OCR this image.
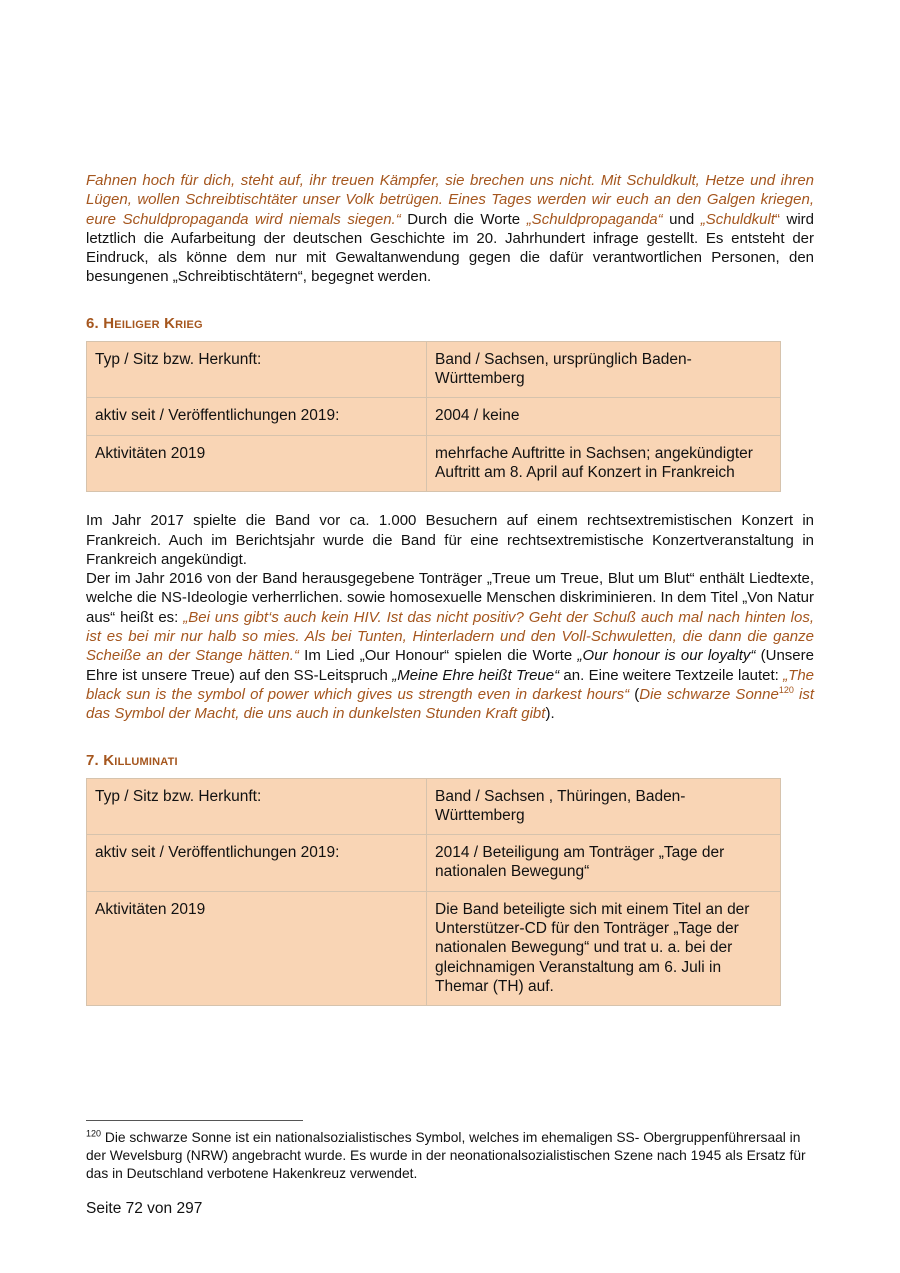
Fahnen hoch für dich, steht auf, ihr treuen Kämpfer, sie brechen uns nicht. Mit Schuldkult, Hetze und ihren Lügen, wollen Schreibtischtäter unser Volk betrügen. Eines Tages werden wir euch an den Galgen kriegen, eure Schuldpropaganda wird niemals siegen.“ Durch die Worte „Schuldpropaganda“ und „Schuldkult“ wird letztlich die Aufarbeitung der deutschen Geschichte im 20. Jahrhundert infrage gestellt. Es entsteht der Eindruck, als könne dem nur mit Gewaltanwendung gegen die dafür verantwortlichen Personen, den besungenen „Schreibtischtätern“, begegnet werden.

6. Heiliger Krieg
Typ / Sitz bzw. Herkunft:	Band / Sachsen, ursprünglich Baden-Württemberg
aktiv seit / Veröffentlichungen 2019:	2004 / keine
Aktivitäten 2019	mehrfache Auftritte in Sachsen; angekündigter Auftritt am 8. April auf Konzert in Frankreich

Im Jahr 2017 spielte die Band vor ca. 1.000 Besuchern auf einem rechtsextremistischen Konzert in Frankreich. Auch im Berichtsjahr wurde die Band für eine rechtsextremistische Konzertveranstaltung in Frankreich angekündigt.

Der im Jahr 2016 von der Band herausgegebene Tonträger „Treue um Treue, Blut um Blut“ enthält Liedtexte, welche die NS-Ideologie verherrlichen. sowie homosexuelle Menschen diskriminieren. In dem Titel „Von Natur aus“ heißt es: „Bei uns gibt‘s auch kein HIV. Ist das nicht positiv? Geht der Schuß auch mal nach hinten los, ist es bei mir nur halb so mies. Als bei Tunten, Hinterladern und den Voll-Schwuletten, die dann die ganze Scheiße an der Stange hätten.“ Im Lied „Our Honour“ spielen die Worte „Our honour is our loyalty“ (Unsere Ehre ist unsere Treue) auf den SS-Leitspruch „Meine Ehre heißt Treue“ an. Eine weitere Textzeile lautet: „The black sun is the symbol of power which gives us strength even in darkest hours“ (Die schwarze Sonne$^{120}$ ist das Symbol der Macht, die uns auch in dunkelsten Stunden Kraft gibt).

7. Killuminati
Typ / Sitz bzw. Herkunft:	Band / Sachsen , Thüringen, Baden-Württemberg
aktiv seit / Veröffentlichungen 2019:	2014 / Beteiligung am Tonträger „Tage der nationalen Bewegung“
Aktivitäten 2019	Die Band beteiligte sich mit einem Titel an der Unterstützer-CD für den Tonträger „Tage der nationalen Bewegung“ und trat u. a. bei der gleichnamigen Veranstaltung am 6. Juli in Themar (TH) auf.

$^{120}$ Die schwarze Sonne ist ein nationalsozialistisches Symbol, welches im ehemaligen SS- Obergruppenführersaal in der Wevelsburg (NRW) angebracht wurde. Es wurde in der neonationalsozialistischen Szene nach 1945 als Ersatz für das in Deutschland verbotene Hakenkreuz verwendet.

Seite 72 von 297
